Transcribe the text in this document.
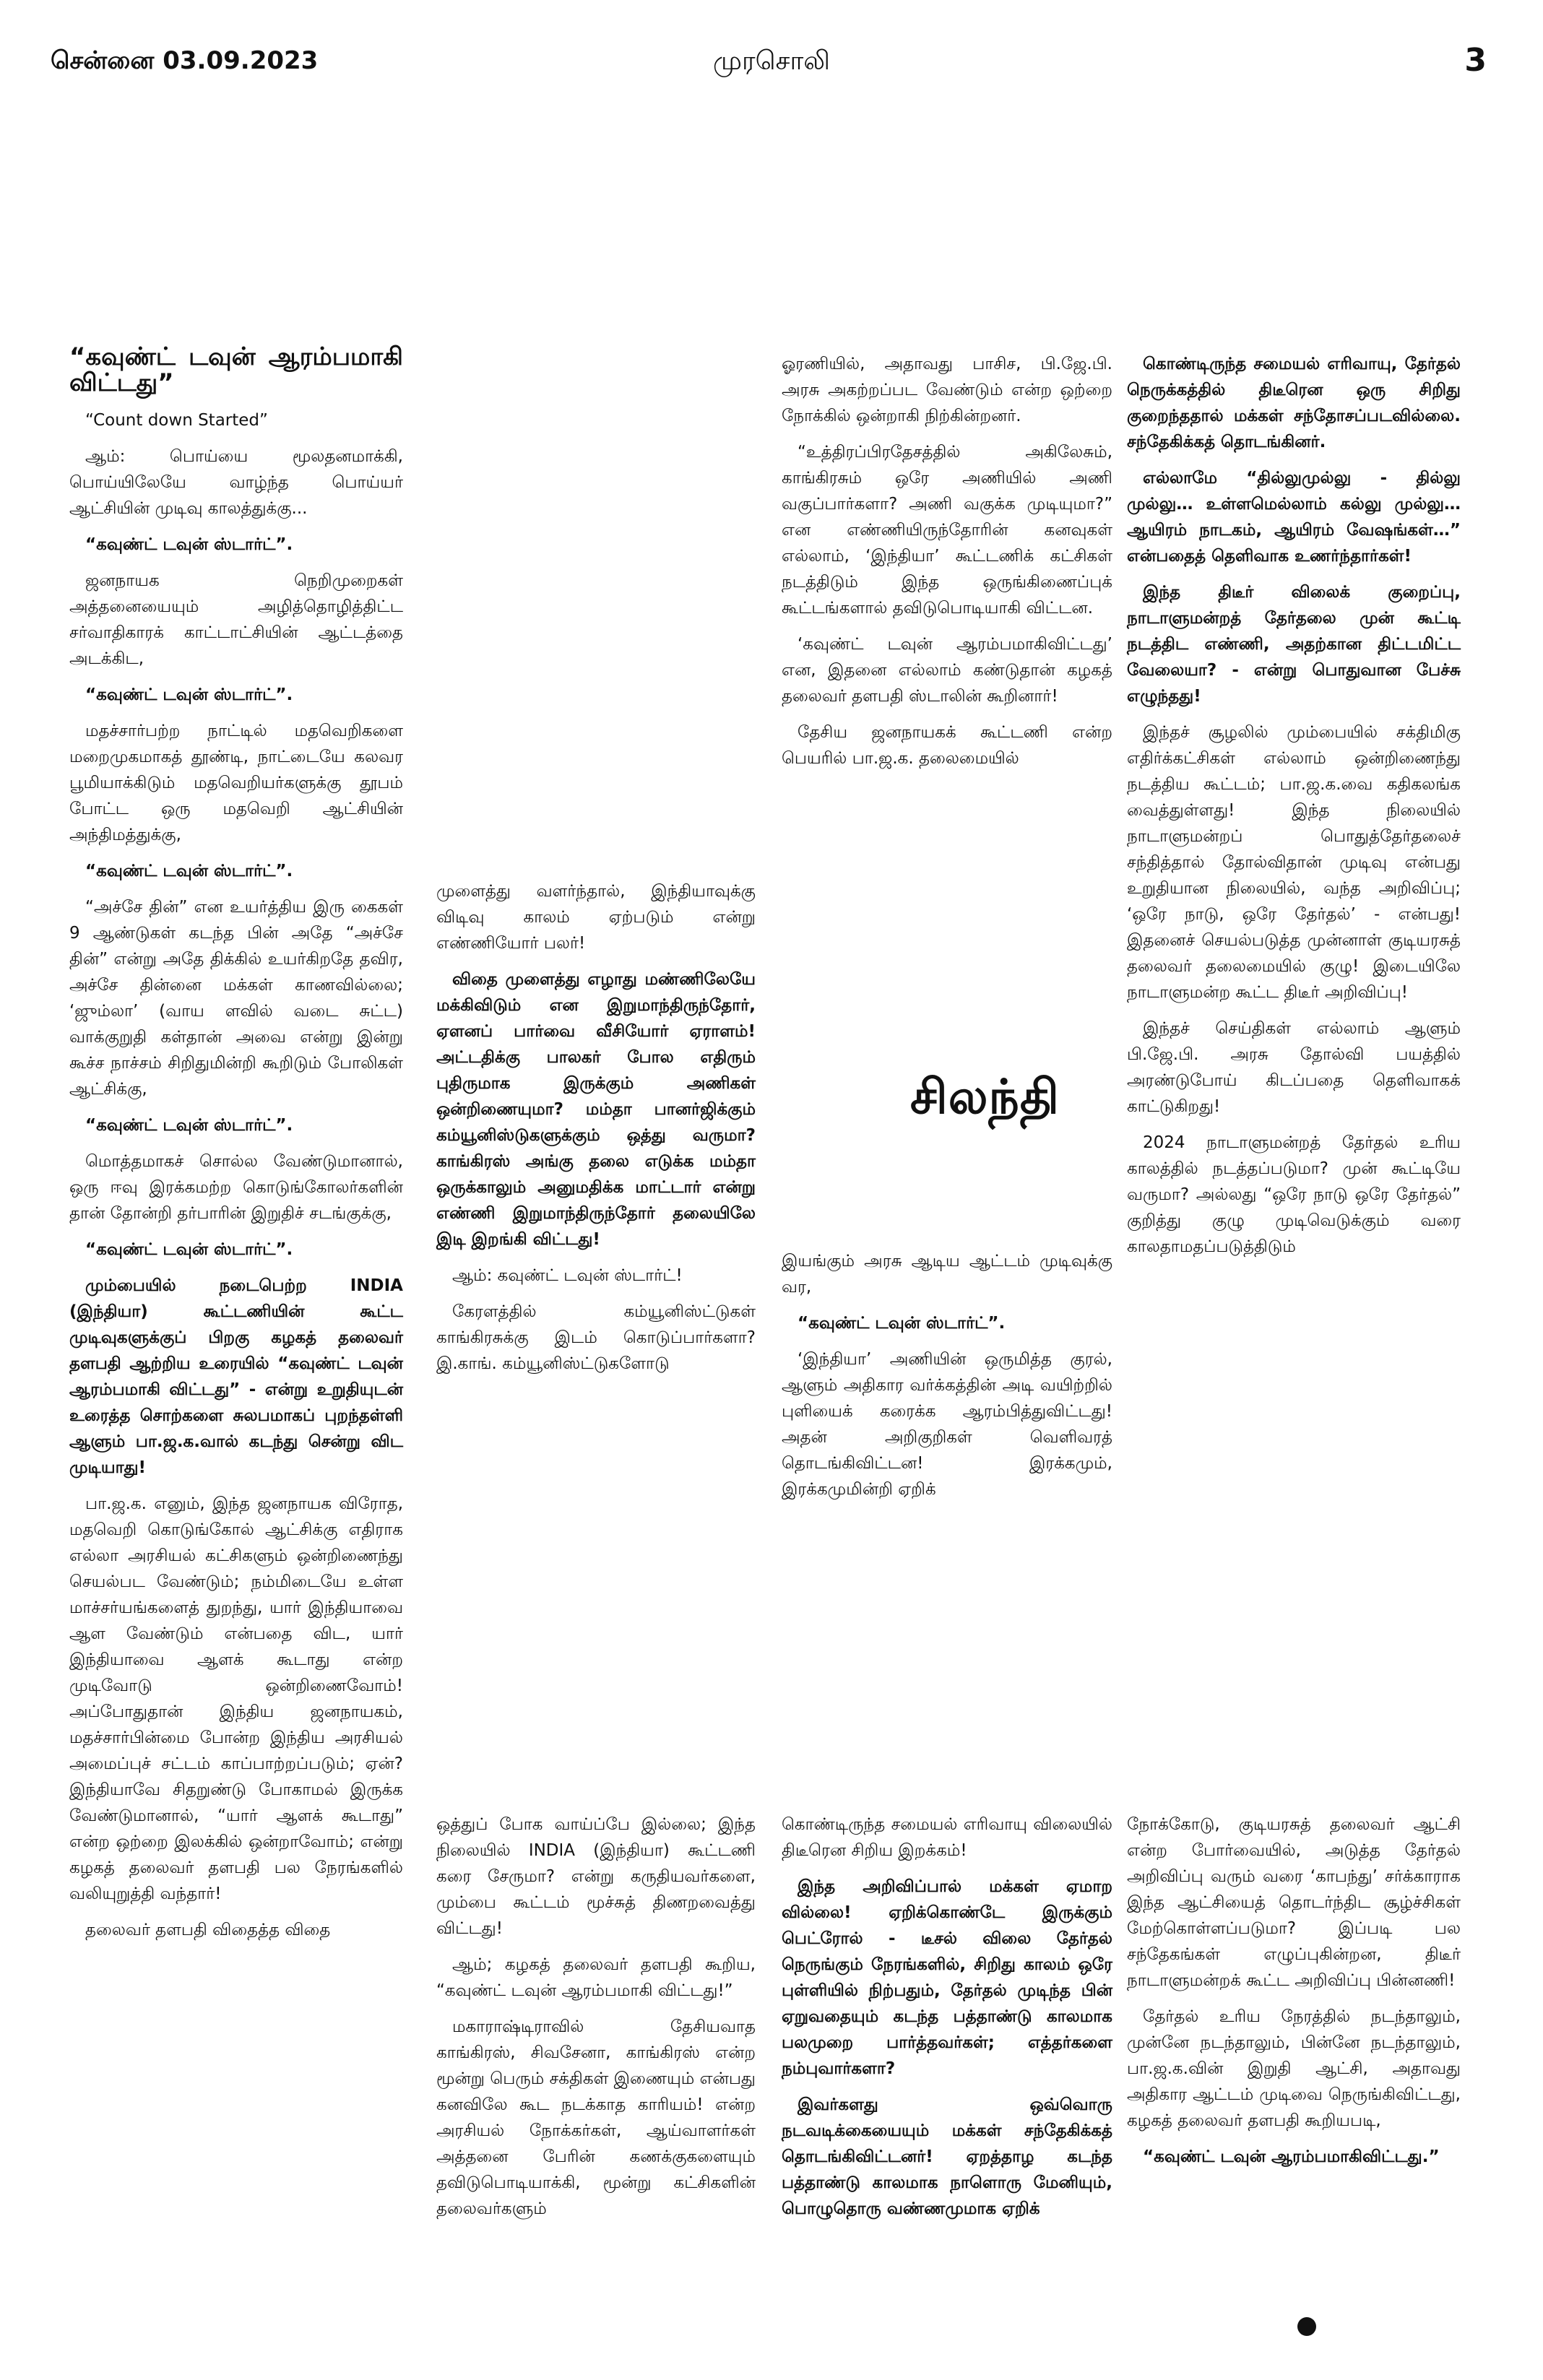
சென்னை 03.09.2023	முரசொலி	3

“கவுண்ட் டவுன் ஆரம்பமாகி விட்டது”

“Count down Started”

ஆம்: பொய்யை மூலதனமாக்கி, பொய்யிலேயே வாழ்ந்த பொய்யர் ஆட்சியின் முடிவு காலத்துக்கு...

“கவுண்ட் டவுன் ஸ்டார்ட்”.

ஜனநாயக நெறிமுறைகள் அத்தனையையும் அழித்தொழித்திட்ட சர்வாதிகாரக் காட்டாட்சியின் ஆட்டத்தை அடக்கிட,

“கவுண்ட் டவுன் ஸ்டார்ட்”.

மதச்சார்பற்ற நாட்டில் மதவெறிகளை மறைமுகமாகத் தூண்டி, நாட்டையே கலவர பூமியாக்கிடும் மதவெறியர்களுக்கு தூபம் போட்ட ஒரு மதவெறி ஆட்சியின் அந்திமத்துக்கு,

“கவுண்ட் டவுன் ஸ்டார்ட்”.

“அச்சே தின்” என உயர்த்திய இரு கைகள் 9 ஆண்டுகள் கடந்த பின் அதே “அச்சே தின்” என்று அதே திக்கில் உயர்கிறதே தவிர, அச்சே தின்னை மக்கள் காணவில்லை; ‘ஜும்லா’ (வாய ளவில் வடை சுட்ட) வாக்குறுதி கள்தான் அவை என்று இன்று கூச்ச நாச்சம் சிறிதுமின்றி கூறிடும் போலிகள் ஆட்சிக்கு,

“கவுண்ட் டவுன் ஸ்டார்ட்”.

மொத்தமாகச் சொல்ல வேண்டுமானால், ஒரு ஈவு இரக்கமற்ற கொடுங்கோலர்களின் தான் தோன்றி தர்பாரின் இறுதிச் சடங்குக்கு,

“கவுண்ட் டவுன் ஸ்டார்ட்”.

மும்பையில் நடைபெற்ற INDIA (இந்தியா) கூட்டணியின் கூட்ட முடிவுகளுக்குப் பிறகு கழகத் தலைவர் தளபதி ஆற்றிய உரையில் “கவுண்ட் டவுன் ஆரம்பமாகி விட்டது” - என்று உறுதியுடன் உரைத்த சொற்களை சுலபமாகப் புறந்தள்ளி ஆளும் பா.ஜ.க.வால் கடந்து சென்று விட முடியாது!

பா.ஜ.க. எனும், இந்த ஜனநாயக விரோத, மதவெறி கொடுங்கோல் ஆட்சிக்கு எதிராக எல்லா அரசியல் கட்சிகளும் ஒன்றிணைந்து செயல்பட வேண்டும்; நம்மிடையே உள்ள மாச்சர்யங்களைத் துறந்து, யார் இந்தியாவை ஆள வேண்டும் என்பதை விட, யார் இந்தியாவை ஆளக் கூடாது என்ற முடிவோடு ஒன்றிணைவோம்! அப்போதுதான் இந்திய ஜனநாயகம், மதச்சார்பின்மை போன்ற இந்திய அரசியல் அமைப்புச் சட்டம் காப்பாற்றப்படும்; ஏன்? இந்தியாவே சிதறுண்டு போகாமல் இருக்க வேண்டுமானால், “யார் ஆளக் கூடாது” என்ற ஒற்றை இலக்கில் ஒன்றாவோம்; என்று கழகத் தலைவர் தளபதி பல நேரங்களில் வலியுறுத்தி வந்தார்!

தலைவர் தளபதி விதைத்த விதை

முளைத்து வளர்ந்தால், இந்தியாவுக்கு விடிவு காலம் ஏற்படும் என்று எண்ணியோர் பலர்!

விதை முளைத்து எழாது மண்ணிலேயே மக்கிவிடும் என இறுமாந்திருந்தோர், ஏளனப் பார்வை வீசியோர் ஏராளம்! அட்டதிக்கு பாலகர் போல எதிரும் புதிருமாக இருக்கும் அணிகள் ஒன்றிணையுமா? மம்தா பானர்ஜிக்கும் கம்யூனிஸ்டுகளுக்கும் ஒத்து வருமா? காங்கிரஸ் அங்கு தலை எடுக்க மம்தா ஒருக்காலும் அனுமதிக்க மாட்டார் என்று எண்ணி இறுமாந்திருந்தோர் தலையிலே இடி இறங்கி விட்டது!

ஆம்: கவுண்ட் டவுன் ஸ்டார்ட்!

கேரளத்தில் கம்யூனிஸ்ட்டுகள் காங்கிரசுக்கு இடம் கொடுப்பார்களா? இ.காங். கம்யூனிஸ்ட்டுகளோடு

ஓரணியில், அதாவது பாசிச, பி.ஜே.பி. அரசு அகற்றப்பட வேண்டும் என்ற ஒற்றை நோக்கில் ஒன்றாகி நிற்கின்றனர்.

“உத்திரப்பிரதேசத்தில் அகிலேசும், காங்கிரசும் ஒரே அணியில் அணி வகுப்பார்களா? அணி வகுக்க முடியுமா?” என எண்ணியிருந்தோரின் கனவுகள் எல்லாம், ‘இந்தியா’ கூட்டணிக் கட்சிகள் நடத்திடும் இந்த ஒருங்கிணைப்புக் கூட்டங்களால் தவிடுபொடியாகி விட்டன.

‘கவுண்ட் டவுன் ஆரம்பமாகிவிட்டது’ என, இதனை எல்லாம் கண்டுதான் கழகத் தலைவர் தளபதி ஸ்டாலின் கூறினார்!

தேசிய ஜனநாயகக் கூட்டணி என்ற பெயரில் பா.ஜ.க. தலைமையில்

சிலந்தி

இயங்கும் அரசு ஆடிய ஆட்டம் முடிவுக்கு வர,

“கவுண்ட் டவுன் ஸ்டார்ட்”.

‘இந்தியா’ அணியின் ஒருமித்த குரல், ஆளும் அதிகார வர்க்கத்தின் அடி வயிற்றில் புளியைக் கரைக்க ஆரம்பித்துவிட்டது! அதன் அறிகுறிகள் வெளிவரத் தொடங்கிவிட்டன! இரக்கமும், இரக்கமுமின்றி ஏறிக்

கொண்டிருந்த சமையல் எரிவாயு, தேர்தல் நெருக்கத்தில் திடீரென ஒரு சிறிது குறைந்ததால் மக்கள் சந்தோசப்படவில்லை. சந்தேகிக்கத் தொடங்கினர்.

எல்லாமே “தில்லுமுல்லு - தில்லு முல்லு… உள்ளமெல்லாம் கல்லு முல்லு… ஆயிரம் நாடகம், ஆயிரம் வேஷங்கள்…” என்பதைத் தெளிவாக உணர்ந்தார்கள்!

இந்த திடீர் விலைக் குறைப்பு, நாடாளுமன்றத் தேர்தலை முன் கூட்டி நடத்திட எண்ணி, அதற்கான திட்டமிட்ட வேலையா? - என்று பொதுவான பேச்சு எழுந்தது!

இந்தச் சூழலில் மும்பையில் சக்திமிகு எதிர்க்கட்சிகள் எல்லாம் ஒன்றிணைந்து நடத்திய கூட்டம்; பா.ஜ.க.வை கதிகலங்க வைத்துள்ளது! இந்த நிலையில் நாடாளுமன்றப் பொதுத்தேர்தலைச் சந்தித்தால் தோல்விதான் முடிவு என்பது உறுதியான நிலையில், வந்த அறிவிப்பு; ‘ஒரே நாடு, ஒரே தேர்தல்’ - என்பது! இதனைச் செயல்படுத்த முன்னாள் குடியரசுத் தலைவர் தலைமையில் குழு! இடையிலே நாடாளுமன்ற கூட்ட திடீர் அறிவிப்பு!

இந்தச் செய்திகள் எல்லாம் ஆளும் பி.ஜே.பி. அரசு தோல்வி பயத்தில் அரண்டுபோய் கிடப்பதை தெளிவாகக் காட்டுகிறது!

2024 நாடாளுமன்றத் தேர்தல் உரிய காலத்தில் நடத்தப்படுமா? முன் கூட்டியே வருமா? அல்லது “ஒரே நாடு ஒரே தேர்தல்” குறித்து குழு முடிவெடுக்கும் வரை காலதாமதப்படுத்திடும்

ஒத்துப் போக வாய்ப்பே இல்லை; இந்த நிலையில் INDIA (இந்தியா) கூட்டணி கரை சேருமா? என்று கருதியவர்களை, மும்பை கூட்டம் மூச்சுத் திணறவைத்து விட்டது!

ஆம்; கழகத் தலைவர் தளபதி கூறிய, “கவுண்ட் டவுன் ஆரம்பமாகி விட்டது!”

மகாராஷ்டிராவில் தேசியவாத காங்கிரஸ், சிவசேனா, காங்கிரஸ் என்ற மூன்று பெரும் சக்திகள் இணையும் என்பது கனவிலே கூட நடக்காத காரியம்! என்ற அரசியல் நோக்கர்கள், ஆய்வாளர்கள் அத்தனை பேரின் கணக்குகளையும் தவிடுபொடியாக்கி, மூன்று கட்சிகளின் தலைவர்களும்

கொண்டிருந்த சமையல் எரிவாயு விலையில் திடீரென சிறிய இறக்கம்!

இந்த அறிவிப்பால் மக்கள் ஏமாற வில்லை! ஏறிக்கொண்டே இருக்கும் பெட்ரோல் - டீசல் விலை தேர்தல் நெருங்கும் நேரங்களில், சிறிது காலம் ஒரே புள்ளியில் நிற்பதும், தேர்தல் முடிந்த பின் ஏறுவதையும் கடந்த பத்தாண்டு காலமாக பலமுறை பார்த்தவர்கள்; எத்தர்களை நம்புவார்களா?

இவர்களது ஒவ்வொரு நடவடிக்கையையும் மக்கள் சந்தேகிக்கத் தொடங்கிவிட்டனர்! ஏறத்தாழ கடந்த பத்தாண்டு காலமாக நாளொரு மேனியும், பொழுதொரு வண்ணமுமாக ஏறிக்

நோக்கோடு, குடியரசுத் தலைவர் ஆட்சி என்ற போர்வையில், அடுத்த தேர்தல் அறிவிப்பு வரும் வரை ‘காபந்து’ சர்க்காராக இந்த ஆட்சியைத் தொடர்ந்திட சூழ்ச்சிகள் மேற்கொள்ளப்படுமா? இப்படி பல சந்தேகங்கள் எழுப்புகின்றன, திடீர் நாடாளுமன்றக் கூட்ட அறிவிப்பு பின்னணி!

தேர்தல் உரிய நேரத்தில் நடந்தாலும், முன்னே நடந்தாலும், பின்னே நடந்தாலும், பா.ஜ.க.வின் இறுதி ஆட்சி, அதாவது அதிகார ஆட்டம் முடிவை நெருங்கிவிட்டது, கழகத் தலைவர் தளபதி கூறியபடி,

“கவுண்ட் டவுன் ஆரம்பமாகிவிட்டது.”
